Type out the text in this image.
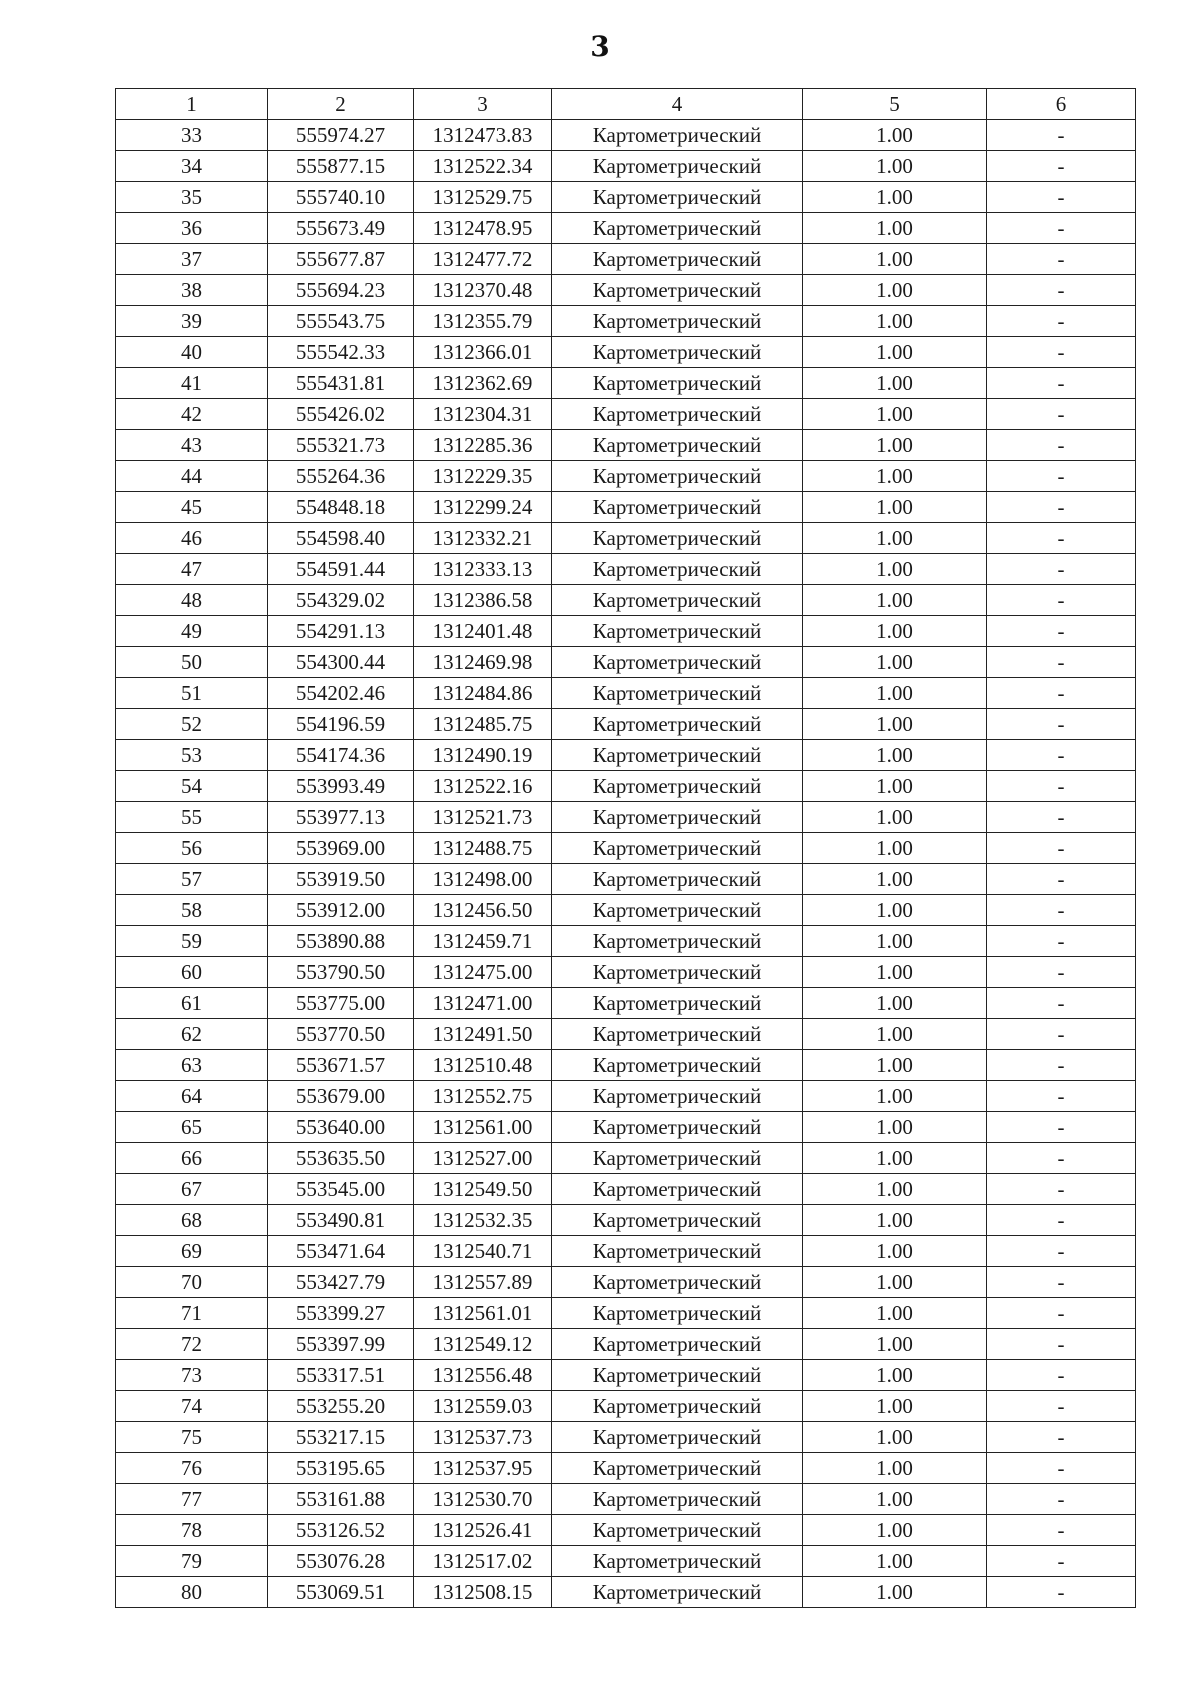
3
1	2	3	4	5	6
33	555974.27	1312473.83	Картометрический	1.00	-
34	555877.15	1312522.34	Картометрический	1.00	-
35	555740.10	1312529.75	Картометрический	1.00	-
36	555673.49	1312478.95	Картометрический	1.00	-
37	555677.87	1312477.72	Картометрический	1.00	-
38	555694.23	1312370.48	Картометрический	1.00	-
39	555543.75	1312355.79	Картометрический	1.00	-
40	555542.33	1312366.01	Картометрический	1.00	-
41	555431.81	1312362.69	Картометрический	1.00	-
42	555426.02	1312304.31	Картометрический	1.00	-
43	555321.73	1312285.36	Картометрический	1.00	-
44	555264.36	1312229.35	Картометрический	1.00	-
45	554848.18	1312299.24	Картометрический	1.00	-
46	554598.40	1312332.21	Картометрический	1.00	-
47	554591.44	1312333.13	Картометрический	1.00	-
48	554329.02	1312386.58	Картометрический	1.00	-
49	554291.13	1312401.48	Картометрический	1.00	-
50	554300.44	1312469.98	Картометрический	1.00	-
51	554202.46	1312484.86	Картометрический	1.00	-
52	554196.59	1312485.75	Картометрический	1.00	-
53	554174.36	1312490.19	Картометрический	1.00	-
54	553993.49	1312522.16	Картометрический	1.00	-
55	553977.13	1312521.73	Картометрический	1.00	-
56	553969.00	1312488.75	Картометрический	1.00	-
57	553919.50	1312498.00	Картометрический	1.00	-
58	553912.00	1312456.50	Картометрический	1.00	-
59	553890.88	1312459.71	Картометрический	1.00	-
60	553790.50	1312475.00	Картометрический	1.00	-
61	553775.00	1312471.00	Картометрический	1.00	-
62	553770.50	1312491.50	Картометрический	1.00	-
63	553671.57	1312510.48	Картометрический	1.00	-
64	553679.00	1312552.75	Картометрический	1.00	-
65	553640.00	1312561.00	Картометрический	1.00	-
66	553635.50	1312527.00	Картометрический	1.00	-
67	553545.00	1312549.50	Картометрический	1.00	-
68	553490.81	1312532.35	Картометрический	1.00	-
69	553471.64	1312540.71	Картометрический	1.00	-
70	553427.79	1312557.89	Картометрический	1.00	-
71	553399.27	1312561.01	Картометрический	1.00	-
72	553397.99	1312549.12	Картометрический	1.00	-
73	553317.51	1312556.48	Картометрический	1.00	-
74	553255.20	1312559.03	Картометрический	1.00	-
75	553217.15	1312537.73	Картометрический	1.00	-
76	553195.65	1312537.95	Картометрический	1.00	-
77	553161.88	1312530.70	Картометрический	1.00	-
78	553126.52	1312526.41	Картометрический	1.00	-
79	553076.28	1312517.02	Картометрический	1.00	-
80	553069.51	1312508.15	Картометрический	1.00	-
